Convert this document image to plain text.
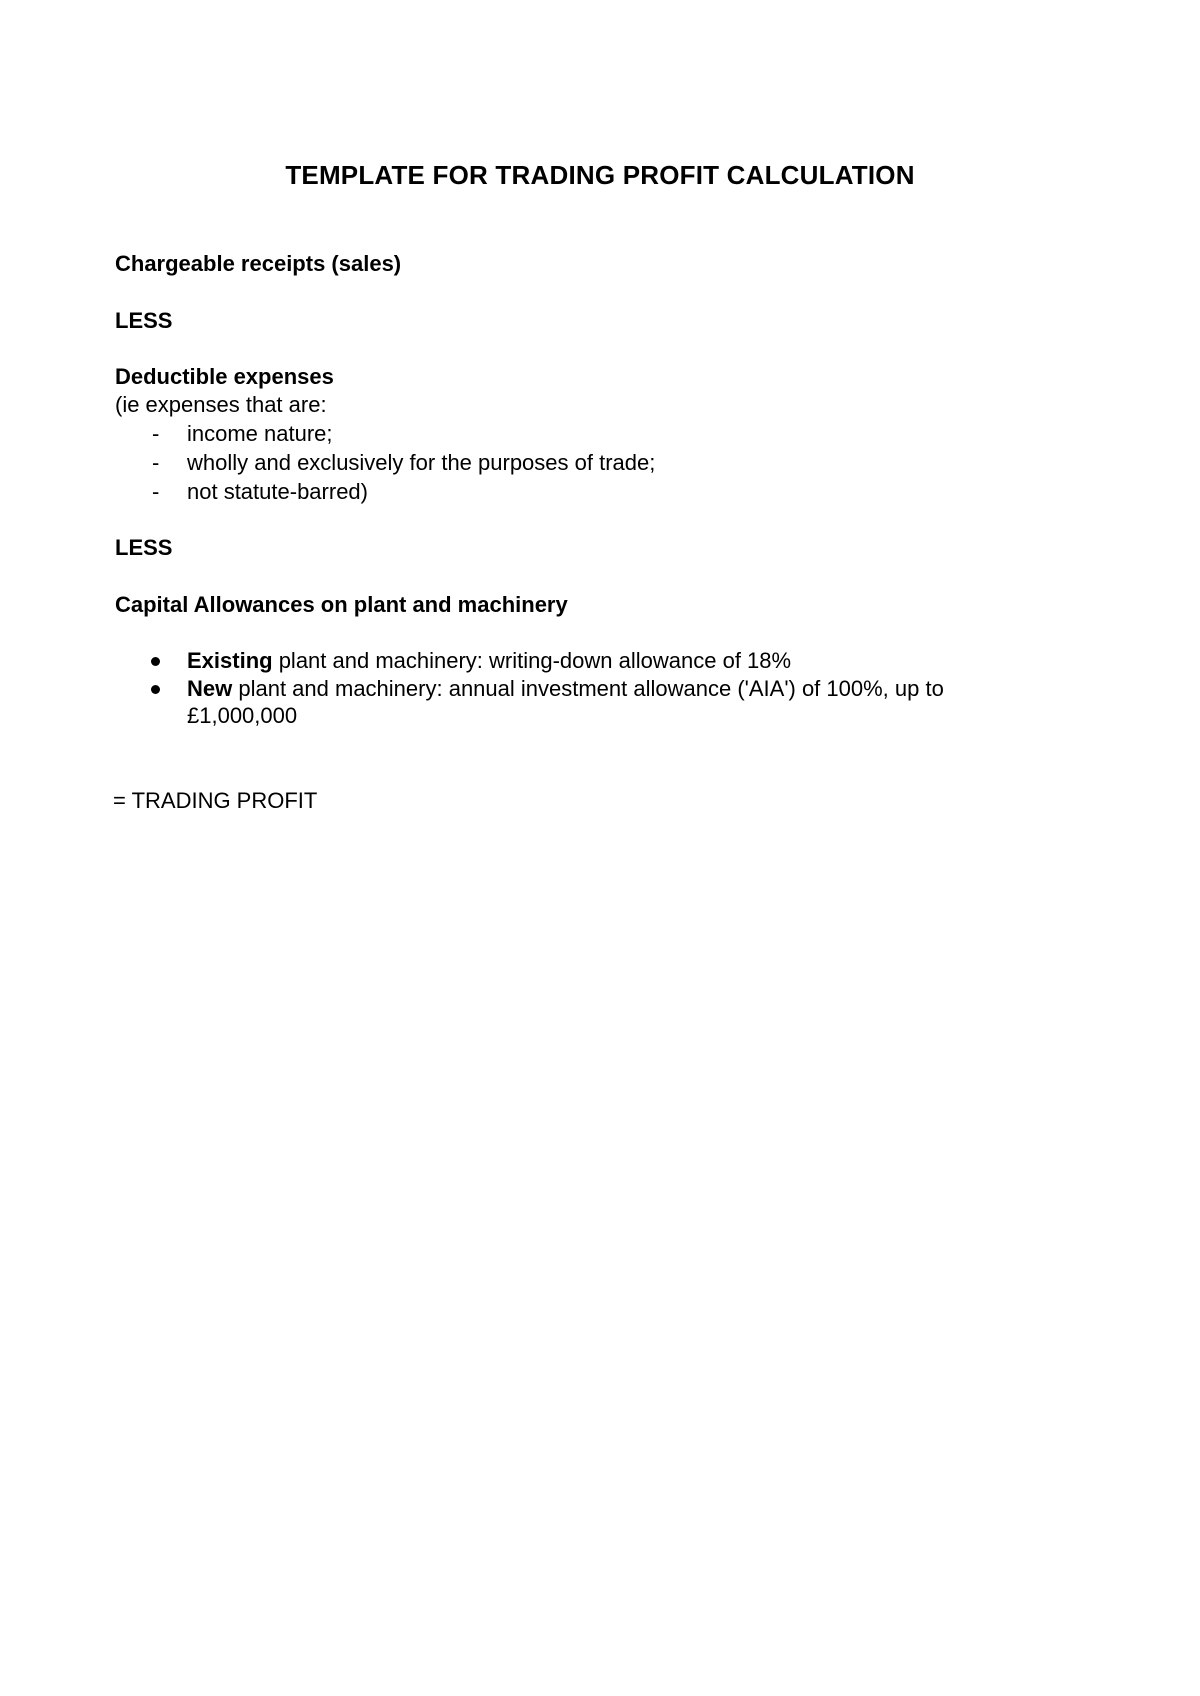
TEMPLATE FOR TRADING PROFIT CALCULATION
Chargeable receipts (sales)
LESS
Deductible expenses
(ie expenses that are:
- income nature;
- wholly and exclusively for the purposes of trade;
- not statute-barred)
LESS
Capital Allowances on plant and machinery
Existing plant and machinery: writing-down allowance of 18%
New plant and machinery: annual investment allowance ('AIA') of 100%, up to
£1,000,000
= TRADING PROFIT
